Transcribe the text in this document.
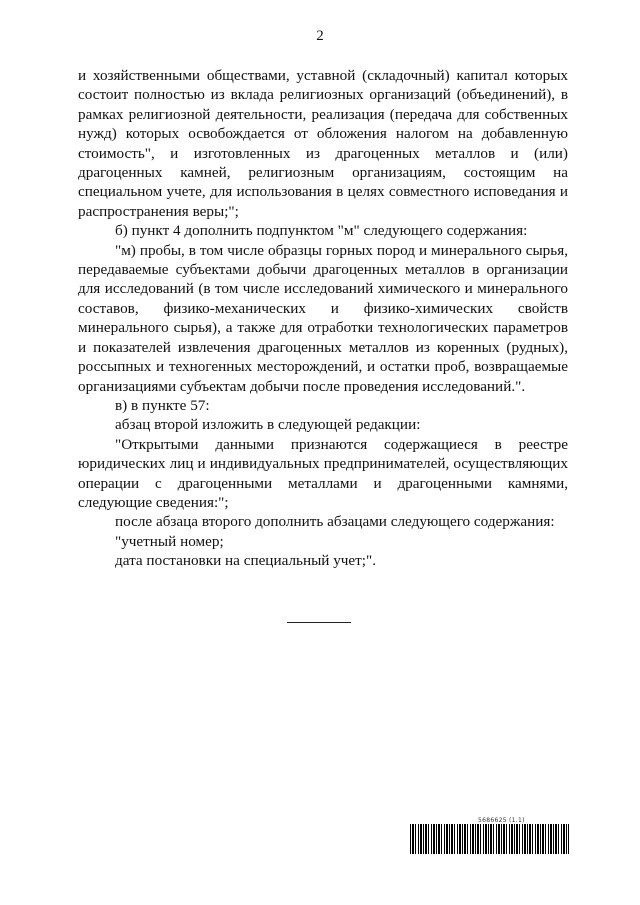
2

и хозяйственными обществами, уставной (складочный) капитал которых состоит полностью из вклада религиозных организаций (объединений), в рамках религиозной деятельности, реализация (передача для собственных нужд) которых освобождается от обложения налогом на добавленную стоимость", и изготовленных из драгоценных металлов и (или) драгоценных камней, религиозным организациям, состоящим на специальном учете, для использования в целях совместного исповедания и распространения веры;";

б) пункт 4 дополнить подпунктом "м" следующего содержания:

"м) пробы, в том числе образцы горных пород и минерального сырья, передаваемые субъектами добычи драгоценных металлов в организации для исследований (в том числе исследований химического и минерального составов, физико-механических и физико-химических свойств минерального сырья), а также для отработки технологических параметров и показателей извлечения драгоценных металлов из коренных (рудных), россыпных и техногенных месторождений, и остатки проб, возвращаемые организациями субъектам добычи после проведения исследований.".

в) в пункте 57:

абзац второй изложить в следующей редакции:

"Открытыми данными признаются содержащиеся в реестре юридических лиц и индивидуальных предпринимателей, осуществляющих операции с драгоценными металлами и драгоценными камнями, следующие сведения:";

после абзаца второго дополнить абзацами следующего содержания:

"учетный номер;

дата постановки на специальный учет;".

5686625 (1.1)
